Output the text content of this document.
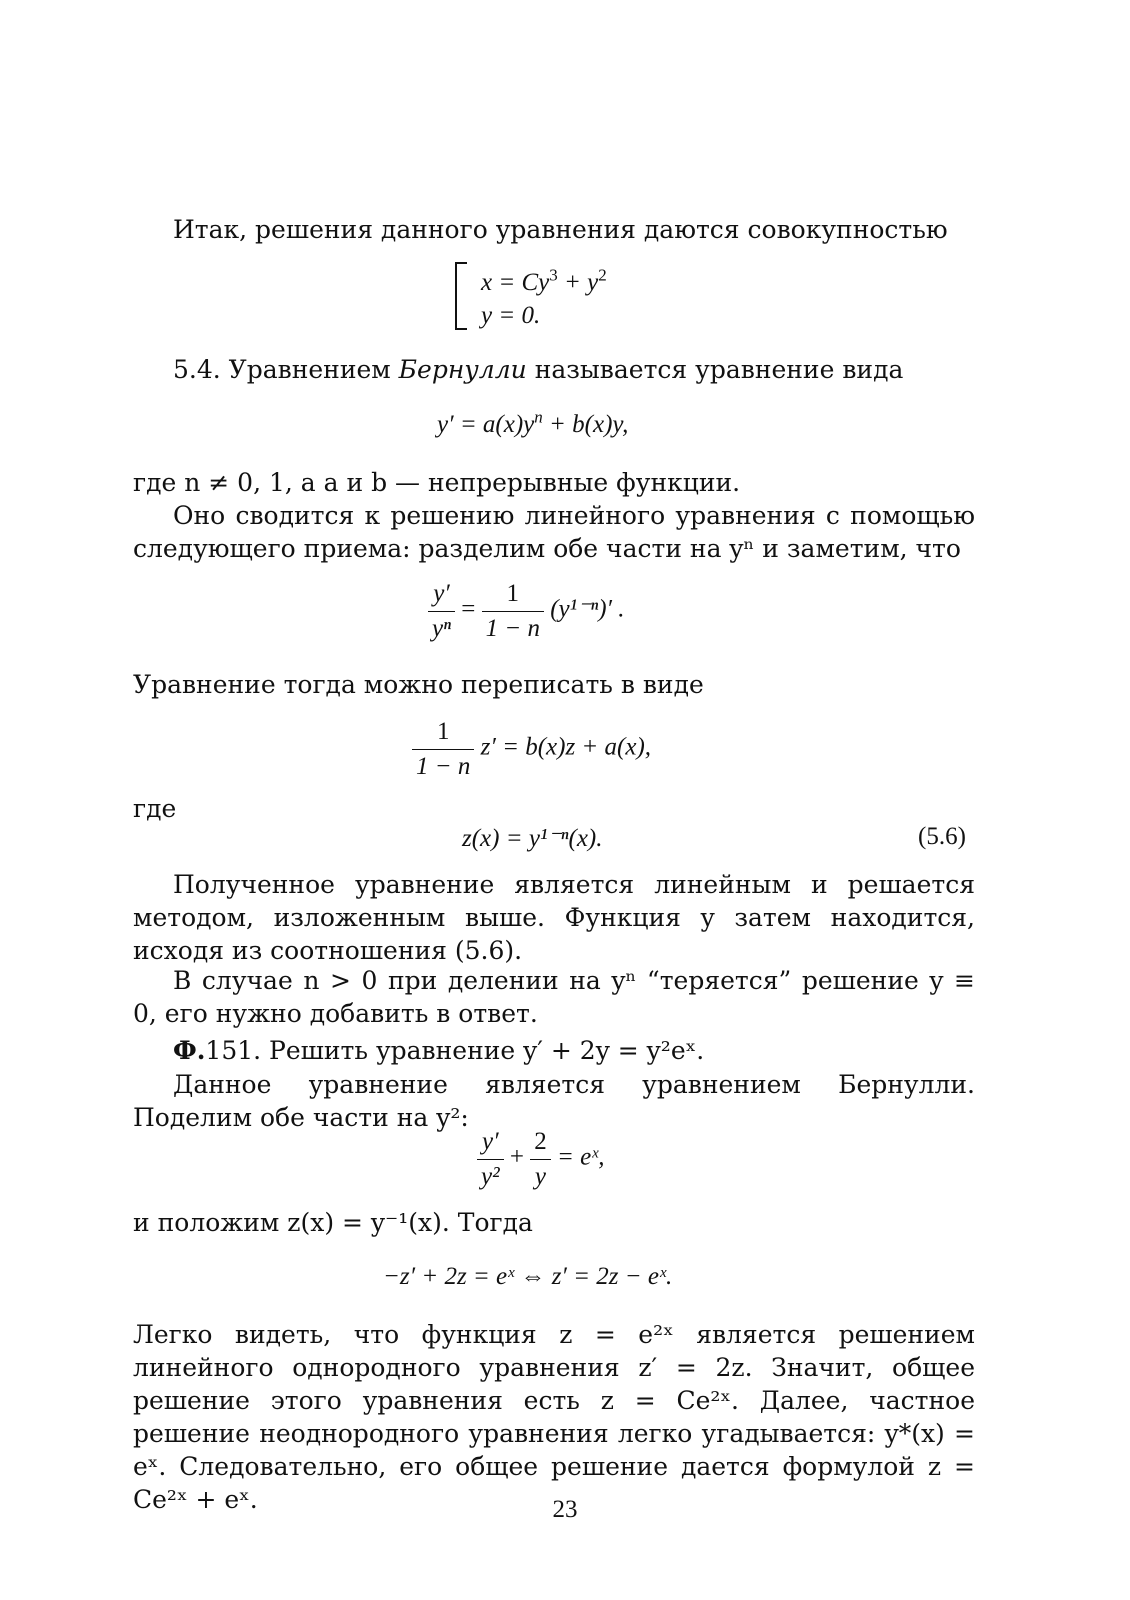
Итак, решения данного уравнения даются совокупностью

$x = Cy^3 + y^2$
y = 0.

5.4. Уравнением Бернулли называется уравнение вида

$y' = a(x)y^n + b(x)y$,

где n ≠ 0, 1, а a и b — непрерывные функции.

Оно сводится к решению линейного уравнения с помощью следующего приема: разделим обе части на yⁿ и заметим, что

$\frac{y'}{\text{yⁿ}} = \frac{1}{1 - n} (y^{1-n})'$ .

Уравнение тогда можно переписать в виде

$\frac{1}{1 - n} z' = b(x)z + a(x)$,

где

z(x) = y¹⁻ⁿ(x).	(5.6)

Полученное уравнение является линейным и решается методом, изложенным выше. Функция y затем находится, исходя из соотношения (5.6).

В случае n > 0 при делении на yⁿ “теряется” решение y ≡ 0, его нужно добавить в ответ.

Ф.151. Решить уравнение y′ + 2y = y²eˣ.

Данное уравнение является уравнением Бернулли. Поделим обе части на y²:

$\frac{y'}{\text{y²}} + \frac{2}{y}$ = eˣ,

и положим z(x) = y⁻¹(x). Тогда

−z′ + 2z = eˣ ⇔ z′ = 2z − eˣ.

Легко видеть, что функция z = e²ˣ является решением линейного однородного уравнения z′ = 2z. Значит, общее решение этого уравнения есть z = Ce²ˣ. Далее, частное решение неоднородного уравнения легко угадывается: y*(x) = eˣ. Следовательно, его общее решение дается формулой z = Ce²ˣ + eˣ.	23
